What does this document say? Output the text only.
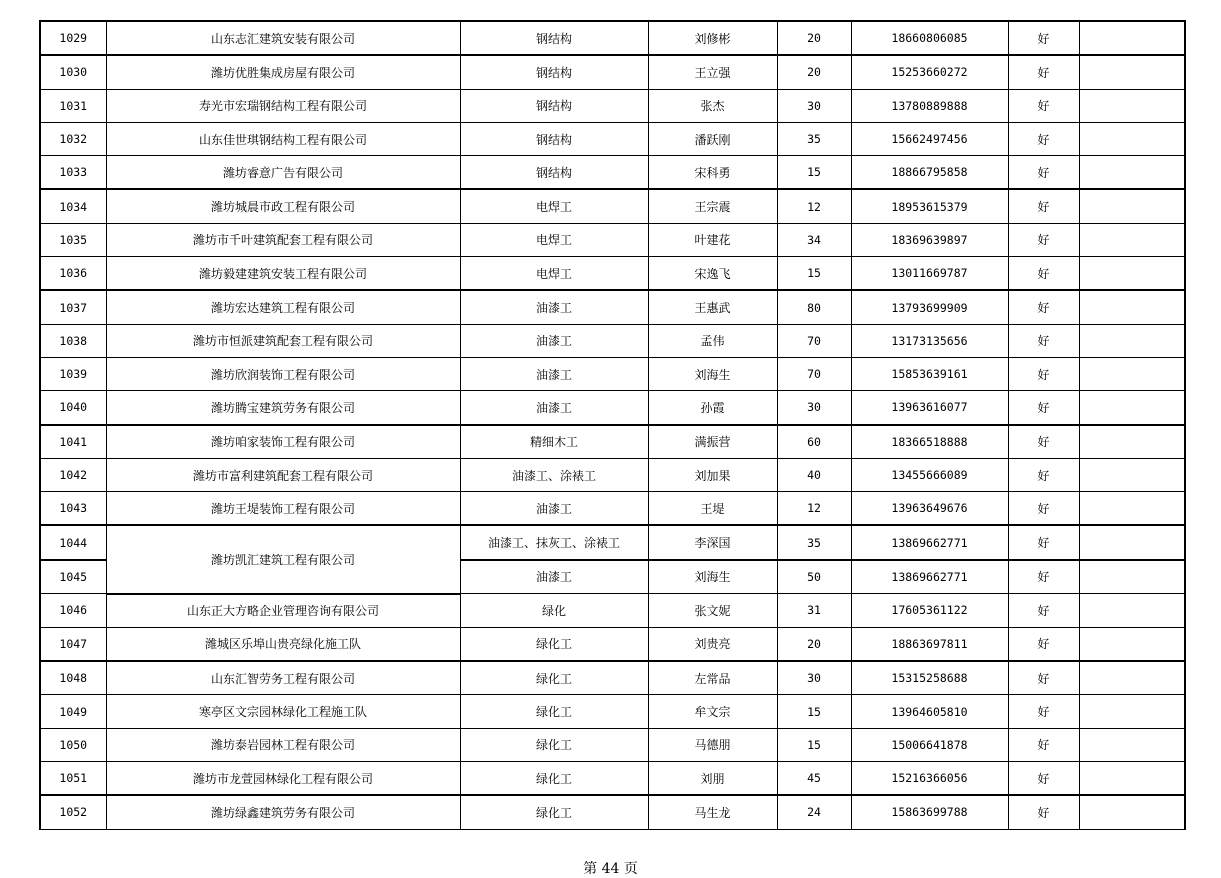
1029	山东志汇建筑安装有限公司	钢结构	刘修彬	20	18660806085	好	
1030	潍坊优胜集成房屋有限公司	钢结构	王立强	20	15253660272	好	
1031	寿光市宏瑞钢结构工程有限公司	钢结构	张杰	30	13780889888	好	
1032	山东佳世琪钢结构工程有限公司	钢结构	潘跃刚	35	15662497456	好	
1033	潍坊睿意广告有限公司	钢结构	宋科勇	15	18866795858	好	
1034	潍坊城晨市政工程有限公司	电焊工	王宗震	12	18953615379	好	
1035	潍坊市千叶建筑配套工程有限公司	电焊工	叶建花	34	18369639897	好	
1036	潍坊毅建建筑安装工程有限公司	电焊工	宋逸飞	15	13011669787	好	
1037	潍坊宏达建筑工程有限公司	油漆工	王惠武	80	13793699909	好	
1038	潍坊市恒派建筑配套工程有限公司	油漆工	孟伟	70	13173135656	好	
1039	潍坊欣润装饰工程有限公司	油漆工	刘海生	70	15853639161	好	
1040	潍坊腾宝建筑劳务有限公司	油漆工	孙霞	30	13963616077	好	
1041	潍坊咱家装饰工程有限公司	精细木工	满振营	60	18366518888	好	
1042	潍坊市富利建筑配套工程有限公司	油漆工、涂裱工	刘加果	40	13455666089	好	
1043	潍坊王堤装饰工程有限公司	油漆工	王堤	12	13963649676	好	
1044	潍坊凯汇建筑工程有限公司	油漆工、抹灰工、涂裱工	李深国	35	13869662771	好	
1045		油漆工	刘海生	50	13869662771	好	
1046	山东正大方略企业管理咨询有限公司	绿化	张文妮	31	17605361122	好	
1047	潍城区乐埠山贵亮绿化施工队	绿化工	刘贵亮	20	18863697811	好	
1048	山东汇智劳务工程有限公司	绿化工	左常品	30	15315258688	好	
1049	寒亭区文宗园林绿化工程施工队	绿化工	牟文宗	15	13964605810	好	
1050	潍坊泰岩园林工程有限公司	绿化工	马德朋	15	15006641878	好	
1051	潍坊市龙萱园林绿化工程有限公司	绿化工	刘朋	45	15216366056	好	
1052	潍坊绿鑫建筑劳务有限公司	绿化工	马生龙	24	15863699788	好	
第 44 页
